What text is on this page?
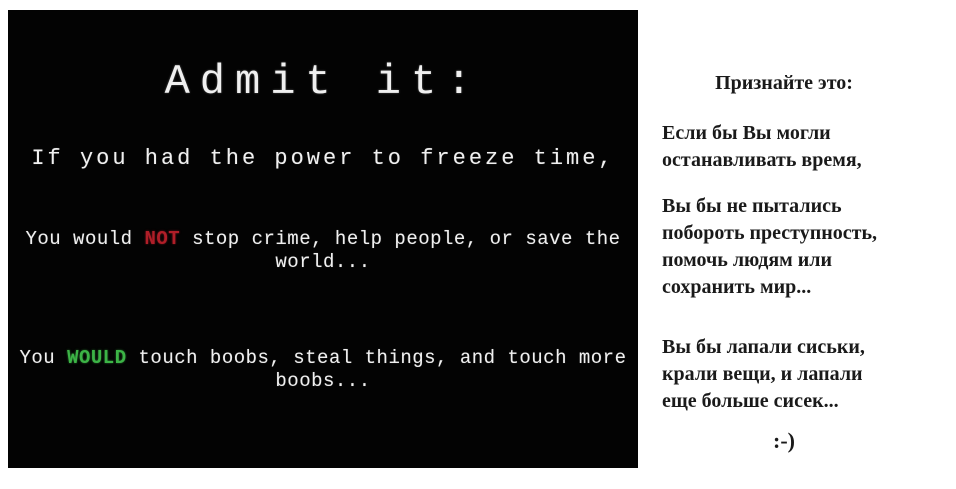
Admit it:
If you had the power to freeze time,
You would NOT stop crime, help people, or save the
world...
You WOULD touch boobs, steal things, and touch more
boobs...
Признайте это:
Если бы Вы могли
останавливать время,
Вы бы не пытались
побороть преступность,
помочь людям или
сохранить мир...
Вы бы лапали сиськи,
крали вещи, и лапали
еще больше сисек...
:-)
